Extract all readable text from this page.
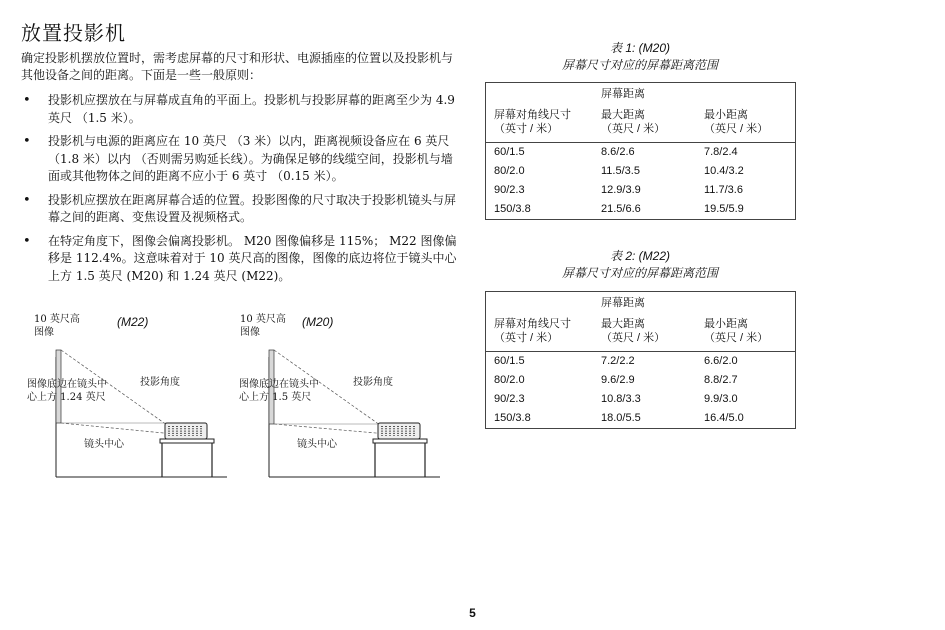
放置投影机

确定投影机摆放位置时，需考虑屏幕的尺寸和形状、电源插座的位置以及投影机与其他设备之间的距离。下面是一些一般原则：

• 投影机应摆放在与屏幕成直角的平面上。投影机与投影屏幕的距离至少为 4.9 英尺 （1.5 米）。
• 投影机与电源的距离应在 10 英尺 （3 米）以内，距离视频设备应在 6 英尺 （1.8 米）以内 （否则需另购延长线）。为确保足够的线缆空间，投影机与墙面或其他物体之间的距离不应小于 6 英寸 （0.15 米）。
• 投影机应摆放在距离屏幕合适的位置。投影图像的尺寸取决于投影机镜头与屏幕之间的距离、变焦设置及视频格式。
• 在特定角度下，图像会偏离投影机。 M20 图像偏移是 115%； M22 图像偏移是 112.4%。这意味着对于 10 英尺高的图像，图像的底边将位于镜头中心上方 1.5 英尺 (M20) 和 1.24 英尺 (M22)。
10 英尺高
图像
(M22)
图像底边在镜头中
心上方 1.24 英尺
投影角度
镜头中心
10 英尺高
图像
(M20)
图像底边在镜头中
心上方 1.5 英尺
投影角度
镜头中心
表 1: (M20)
屏幕尺寸对应的屏幕距离范围
屏幕距离
屏幕对角线尺寸
（英寸 / 米）
最大距离
（英尺 / 米）
最小距离
（英尺 / 米）
60/1.5	8.6/2.6	7.8/2.4
80/2.0	11.5/3.5	10.4/3.2
90/2.3	12.9/3.9	11.7/3.6
150/3.8	21.5/6.6	19.5/5.9
表 2: (M22)
屏幕尺寸对应的屏幕距离范围
屏幕距离
屏幕对角线尺寸
（英寸 / 米）
最大距离
（英尺 / 米）
最小距离
（英尺 / 米）
60/1.5	7.2/2.2	6.6/2.0
80/2.0	9.6/2.9	8.8/2.7
90/2.3	10.8/3.3	9.9/3.0
150/3.8	18.0/5.5	16.4/5.0
5
